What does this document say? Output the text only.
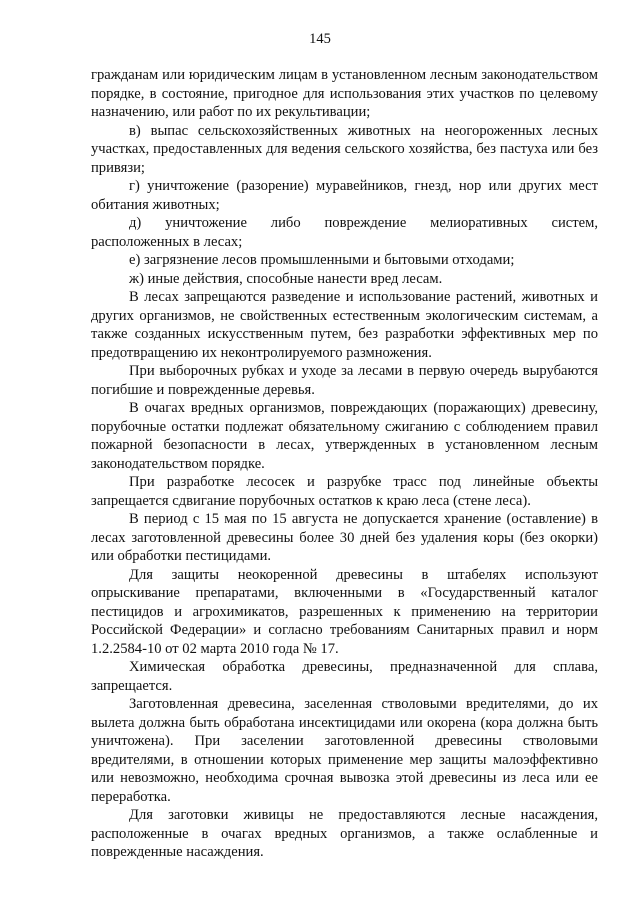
145

гражданам или юридическим лицам в установленном лесным законодательством порядке, в состояние, пригодное для использования этих участков по целевому назначению, или работ по их рекультивации;

в) выпас сельскохозяйственных животных на неогороженных лесных участках, предоставленных для ведения сельского хозяйства, без пастуха или без привязи;

г) уничтожение (разорение) муравейников, гнезд, нор или других мест обитания животных;

д) уничтожение либо повреждение мелиоративных систем, расположенных в лесах;

е) загрязнение лесов промышленными и бытовыми отходами;

ж) иные действия, способные нанести вред лесам.

В лесах запрещаются разведение и использование растений, животных и других организмов, не свойственных естественным экологическим системам, а также созданных искусственным путем, без разработки эффективных мер по предотвращению их неконтролируемого размножения.

При выборочных рубках и уходе за лесами в первую очередь вырубаются погибшие и поврежденные деревья.

В очагах вредных организмов, повреждающих (поражающих) древесину, порубочные остатки подлежат обязательному сжиганию с соблюдением правил пожарной безопасности в лесах, утвержденных в установленном лесным законодательством порядке.

При разработке лесосек и разрубке трасс под линейные объекты запрещается сдвигание порубочных остатков к краю леса (стене леса).

В период с 15 мая по 15 августа не допускается хранение (оставление) в лесах заготовленной древесины более 30 дней без удаления коры (без окорки) или обработки пестицидами.

Для защиты неокоренной древесины в штабелях используют опрыскивание препаратами, включенными в «Государственный каталог пестицидов и агрохимикатов, разрешенных к применению на территории Российской Федерации» и согласно требованиям Санитарных правил и норм 1.2.2584-10 от 02 марта 2010 года № 17.

Химическая обработка древесины, предназначенной для сплава, запрещается.

Заготовленная древесина, заселенная стволовыми вредителями, до их вылета должна быть обработана инсектицидами или окорена (кора должна быть уничтожена). При заселении заготовленной древесины стволовыми вредителями, в отношении которых применение мер защиты малоэффективно или невозможно, необходима срочная вывозка этой древесины из леса или ее переработка.

Для заготовки живицы не предоставляются лесные насаждения, расположенные в очагах вредных организмов, а также ослабленные и поврежденные насаждения.
